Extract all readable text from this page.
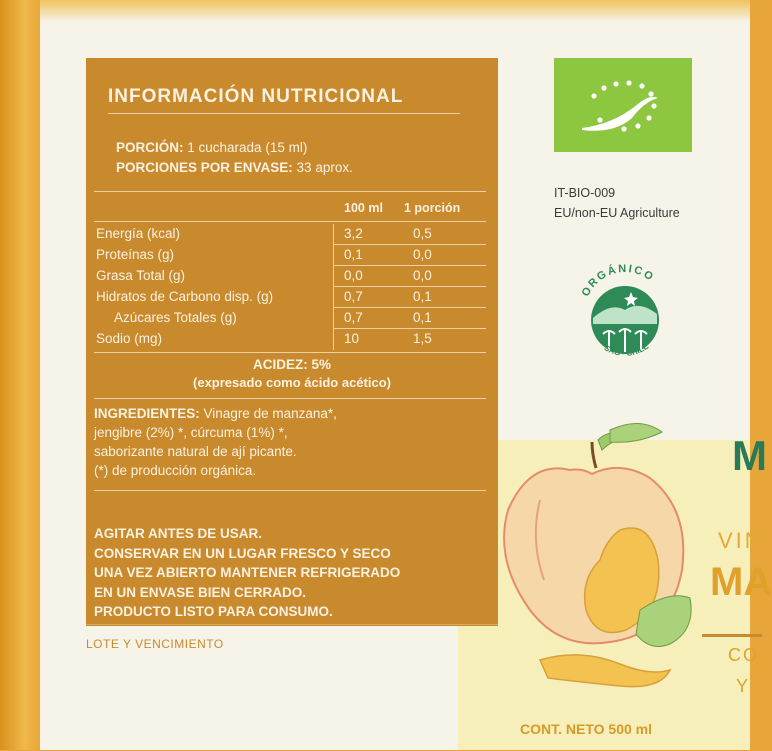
INFORMACIÓN NUTRICIONAL
PORCIÓN: 1 cucharada (15 ml)
PORCIONES POR ENVASE: 33 aprox.
100 ml 1 porción
Energía (kcal)	3,2	0,5
Proteínas (g)	0,1	0,0
Grasa Total (g)	0,0	0,0
Hidratos de Carbono disp. (g)	0,7	0,1
Azúcares Totales (g)	0,7	0,1
Sodio (mg)	10	1,5
ACIDEZ: 5%
(expresado como ácido acético)
INGREDIENTES: Vinagre de manzana*,
jengibre (2%) *, cúrcuma (1%) *,
saborizante natural de ají picante.
(*) de producción orgánica.
AGITAR ANTES DE USAR.
CONSERVAR EN UN LUGAR FRESCO Y SECO
UNA VEZ ABIERTO MANTENER REFRIGERADO
EN UN ENVASE BIEN CERRADO.
PRODUCTO LISTO PARA CONSUMO.
LOTE Y VENCIMIENTO
IT-BIO-009
EU/non-EU Agriculture
ORGÁNICO
SAG - CHILE
M
VIN
MA
CO
Y
CONT. NETO 500 ml
